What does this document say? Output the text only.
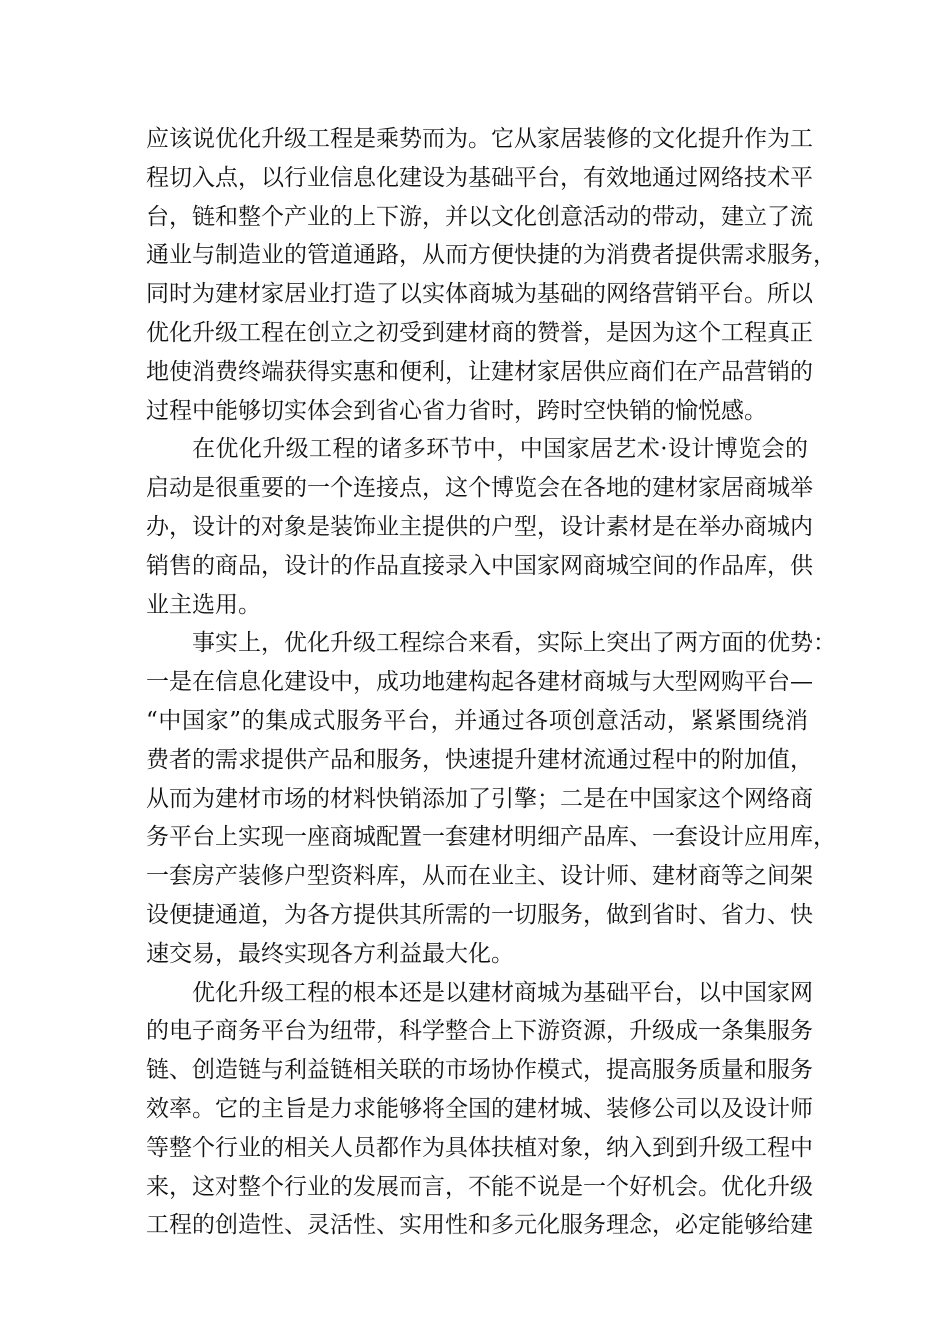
应该说优化升级工程是乘势而为。它从家居装修的文化提升作为工
程切入点，以行业信息化建设为基础平台，有效地通过网络技术平
台，链和整个产业的上下游，并以文化创意活动的带动，建立了流
通业与制造业的管道通路，从而方便快捷的为消费者提供需求服务，
同时为建材家居业打造了以实体商城为基础的网络营销平台。所以
优化升级工程在创立之初受到建材商的赞誉，是因为这个工程真正
地使消费终端获得实惠和便利，让建材家居供应商们在产品营销的
过程中能够切实体会到省心省力省时，跨时空快销的愉悦感。
在优化升级工程的诸多环节中，中国家居艺术·设计博览会的
启动是很重要的一个连接点，这个博览会在各地的建材家居商城举
办，设计的对象是装饰业主提供的户型，设计素材是在举办商城内
销售的商品，设计的作品直接录入中国家网商城空间的作品库，供
业主选用。
事实上，优化升级工程综合来看，实际上突出了两方面的优势：
一是在信息化建设中，成功地建构起各建材商城与大型网购平台—
“中国家”的集成式服务平台，并通过各项创意活动，紧紧围绕消
费者的需求提供产品和服务，快速提升建材流通过程中的附加值，
从而为建材市场的材料快销添加了引擎；二是在中国家这个网络商
务平台上实现一座商城配置一套建材明细产品库、一套设计应用库，
一套房产装修户型资料库，从而在业主、设计师、建材商等之间架
设便捷通道，为各方提供其所需的一切服务，做到省时、省力、快
速交易，最终实现各方利益最大化。
优化升级工程的根本还是以建材商城为基础平台，以中国家网
的电子商务平台为纽带，科学整合上下游资源，升级成一条集服务
链、创造链与利益链相关联的市场协作模式，提高服务质量和服务
效率。它的主旨是力求能够将全国的建材城、装修公司以及设计师
等整个行业的相关人员都作为具体扶植对象，纳入到到升级工程中
来，这对整个行业的发展而言，不能不说是一个好机会。优化升级
工程的创造性、灵活性、实用性和多元化服务理念，必定能够给建
